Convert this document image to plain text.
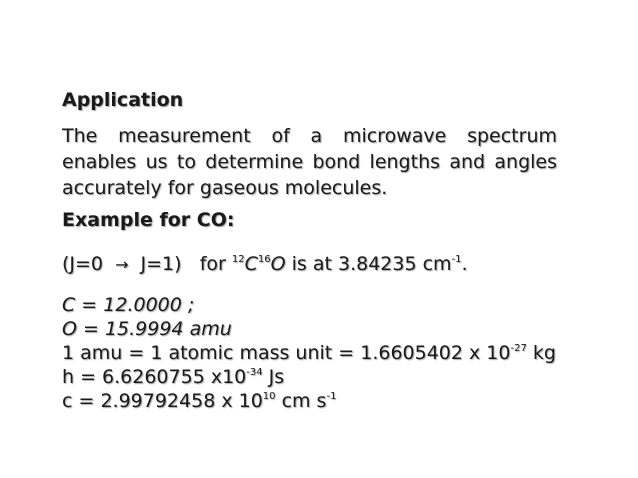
Application

The measurement of a microwave spectrum enables us to determine bond lengths and angles accurately for gaseous molecules.

Example for CO:

(J=0 → J=1) for $^{12}C^{16}O$ is at 3.84235 $cm^{-1}$.

C = 12.0000 ;

O = 15.9994 amu

1 amu = 1 atomic mass unit = 1.6605402 x $10^{-27}$ kg

h = 6.6260755 $x10^{-34}$ Js

c = 2.99792458 x $10^{10}$ cm $s^{-1}$
